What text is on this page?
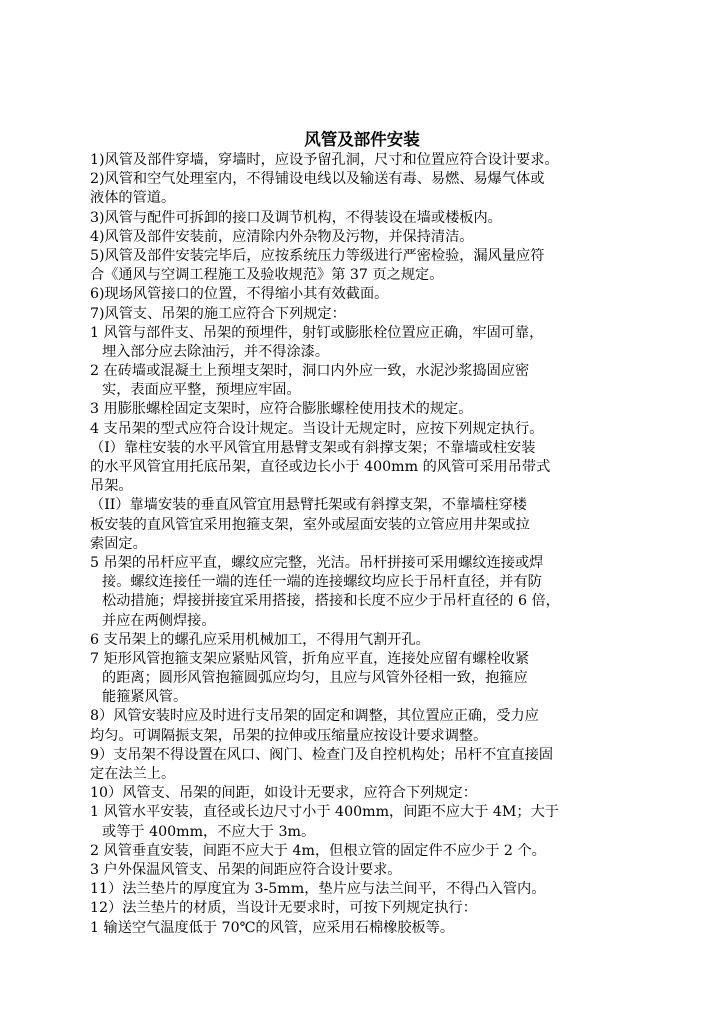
风管及部件安装
1)风管及部件穿墙，穿墙时，应设予留孔洞，尺寸和位置应符合设计要求。
2)风管和空气处理室内，不得铺设电线以及输送有毒、易燃、易爆气体或
液体的管道。
3)风管与配件可拆卸的接口及调节机构，不得装设在墙或楼板内。
4)风管及部件安装前，应清除内外杂物及污物，并保持清洁。
5)风管及部件安装完毕后，应按系统压力等级进行严密检验，漏风量应符
合《通风与空调工程施工及验收规范》第 37 页之规定。
6)现场风管接口的位置，不得缩小其有效截面。
7)风管支、吊架的施工应符合下列规定：
1 风管与部件支、吊架的预埋件，射钉或膨胀栓位置应正确，牢固可靠，
埋入部分应去除油污，并不得涂漆。
2 在砖墙或混凝土上预埋支架时，洞口内外应一致，水泥沙浆捣固应密
实，表面应平整，预埋应牢固。
3 用膨胀螺栓固定支架时，应符合膨胀螺栓使用技术的规定。
4 支吊架的型式应符合设计规定。当设计无规定时，应按下列规定执行。
（I）靠柱安装的水平风管宜用悬臂支架或有斜撑支架；不靠墙或柱安装
的水平风管宜用托底吊架，直径或边长小于 400mm 的风管可采用吊带式
吊架。
（II）靠墙安装的垂直风管宜用悬臂托架或有斜撑支架，不靠墙柱穿楼
板安装的直风管宜采用抱箍支架，室外或屋面安装的立管应用井架或拉
索固定。
5 吊架的吊杆应平直，螺纹应完整，光洁。吊杆拼接可采用螺纹连接或焊
接。螺纹连接任一端的连任一端的连接螺纹均应长于吊杆直径，并有防
松动措施；焊接拼接宜采用搭接，搭接和长度不应少于吊杆直径的 6 倍，
并应在两侧焊接。
6 支吊架上的螺孔应采用机械加工，不得用气割开孔。
7 矩形风管抱箍支架应紧贴风管，折角应平直，连接处应留有螺栓收紧
的距离；圆形风管抱箍圆弧应均匀，且应与风管外径相一致，抱箍应
能箍紧风管。
8）风管安装时应及时进行支吊架的固定和调整，其位置应正确，受力应
均匀。可调隔振支架，吊架的拉伸或压缩量应按设计要求调整。
9）支吊架不得设置在风口、阀门、检查门及自控机构处；吊杆不宜直接固
定在法兰上。
10）风管支、吊架的间距，如设计无要求，应符合下列规定：
1 风管水平安装，直径或长边尺寸小于 400mm，间距不应大于 4M；大于
或等于 400mm，不应大于 3m。
2 风管垂直安装，间距不应大于 4m，但根立管的固定件不应少于 2 个。
3 户外保温风管支、吊架的间距应符合设计要求。
11）法兰垫片的厚度宜为 3-5mm，垫片应与法兰间平，不得凸入管内。
12）法兰垫片的材质，当设计无要求时，可按下列规定执行：
1 输送空气温度低于 70℃的风管，应采用石棉橡胶板等。
